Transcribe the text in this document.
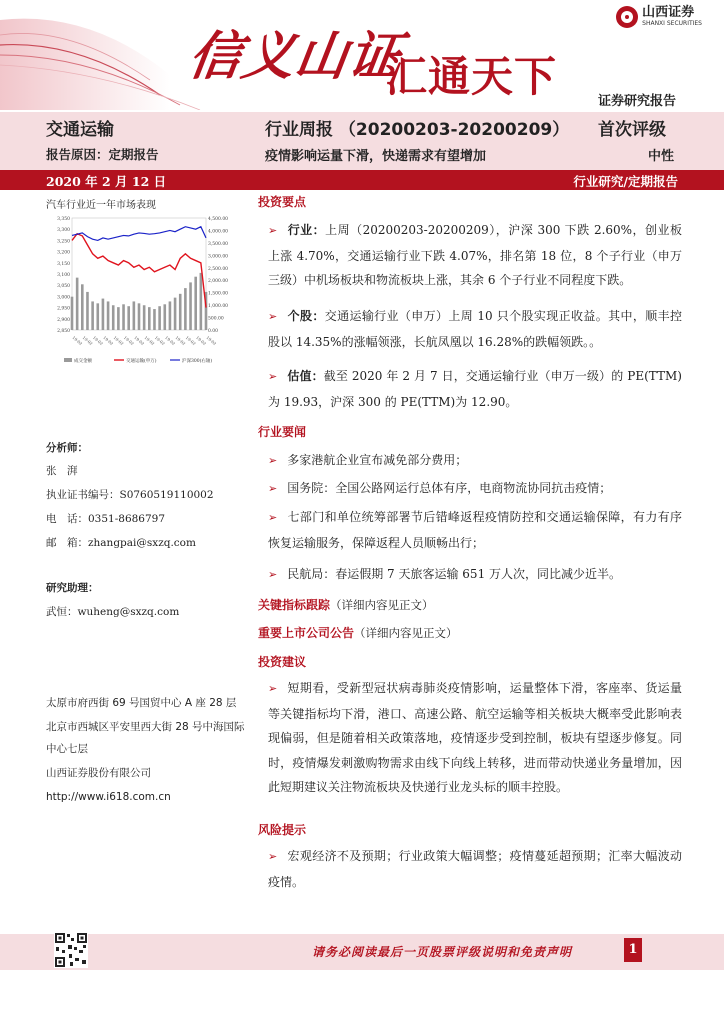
信义山证
汇通天下
山西证券
SHANXI SECURITIES
证券研究报告
交通运输	行业周报 （20200203-20200209） 首次评级
报告原因：定期报告	疫情影响运量下滑，快递需求有望增加	中性
2020 年 2 月 12 日	行业研究/定期报告
汽车行业近一年市场表现
3,350
3,300
3,250
3,200
3,150
3,100
3,050
3,000
2,950
2,900
2,850
4,500.00
4,000.00
3,500.00
3,000.00
2,500.00
2,000.00
1,500.00
1,000.00
500.00
0.00
19-02
19-02
19-02
19-02
19-02
19-02
19-02
19-02
19-02
19-02
19-02
19-02
19-02
19-02
成交金额	交通运输(申万)	沪深300(右轴)
分析师：
张　湃
执业证书编号：S0760519110002
电　话：0351-8686797
邮　箱：zhangpai@sxzq.com
研究助理：
武恒：wuheng@sxzq.com
太原市府西街 69 号国贸中心 A 座 28 层
北京市西城区平安里西大街 28 号中海国际中心七层
山西证券股份有限公司
http://www.i618.com.cn
投资要点
➢ 行业：上周（20200203-20200209），沪深 300 下跌 2.60%，创业板上涨 4.70%，交通运输行业下跌 4.07%，排名第 18 位，8 个子行业（申万三级）中机场板块和物流板块上涨，其余 6 个子行业不同程度下跌。
➢ 个股：交通运输行业（申万）上周 10 只个股实现正收益。其中，顺丰控股以 14.35%的涨幅领涨，长航凤凰以 16.28%的跌幅领跌。。
➢ 估值：截至 2020 年 2 月 7 日，交通运输行业（申万一级）的 PE(TTM)为 19.93，沪深 300 的 PE(TTM)为 12.90。
行业要闻
➢ 多家港航企业宣布减免部分费用；
➢ 国务院：全国公路网运行总体有序，电商物流协同抗击疫情；
➢ 七部门和单位统筹部署节后错峰返程疫情防控和交通运输保障，有力有序恢复运输服务，保障返程人员顺畅出行；
➢ 民航局：春运假期 7 天旅客运输 651 万人次，同比减少近半。
关键指标跟踪（详细内容见正文）
重要上市公司公告（详细内容见正文）
投资建议
➢ 短期看，受新型冠状病毒肺炎疫情影响，运量整体下滑，客座率、货运量等关键指标均下滑，港口、高速公路、航空运输等相关板块大概率受此影响表现偏弱，但是随着相关政策落地，疫情逐步受到控制，板块有望逐步修复。同时，疫情爆发刺激购物需求由线下向线上转移，进而带动快递业务量增加，因此短期建议关注物流板块及快递行业龙头标的顺丰控股。
风险提示
➢ 宏观经济不及预期；行业政策大幅调整；疫情蔓延超预期；汇率大幅波动疫情。
请务必阅读最后一页股票评级说明和免责声明	1
